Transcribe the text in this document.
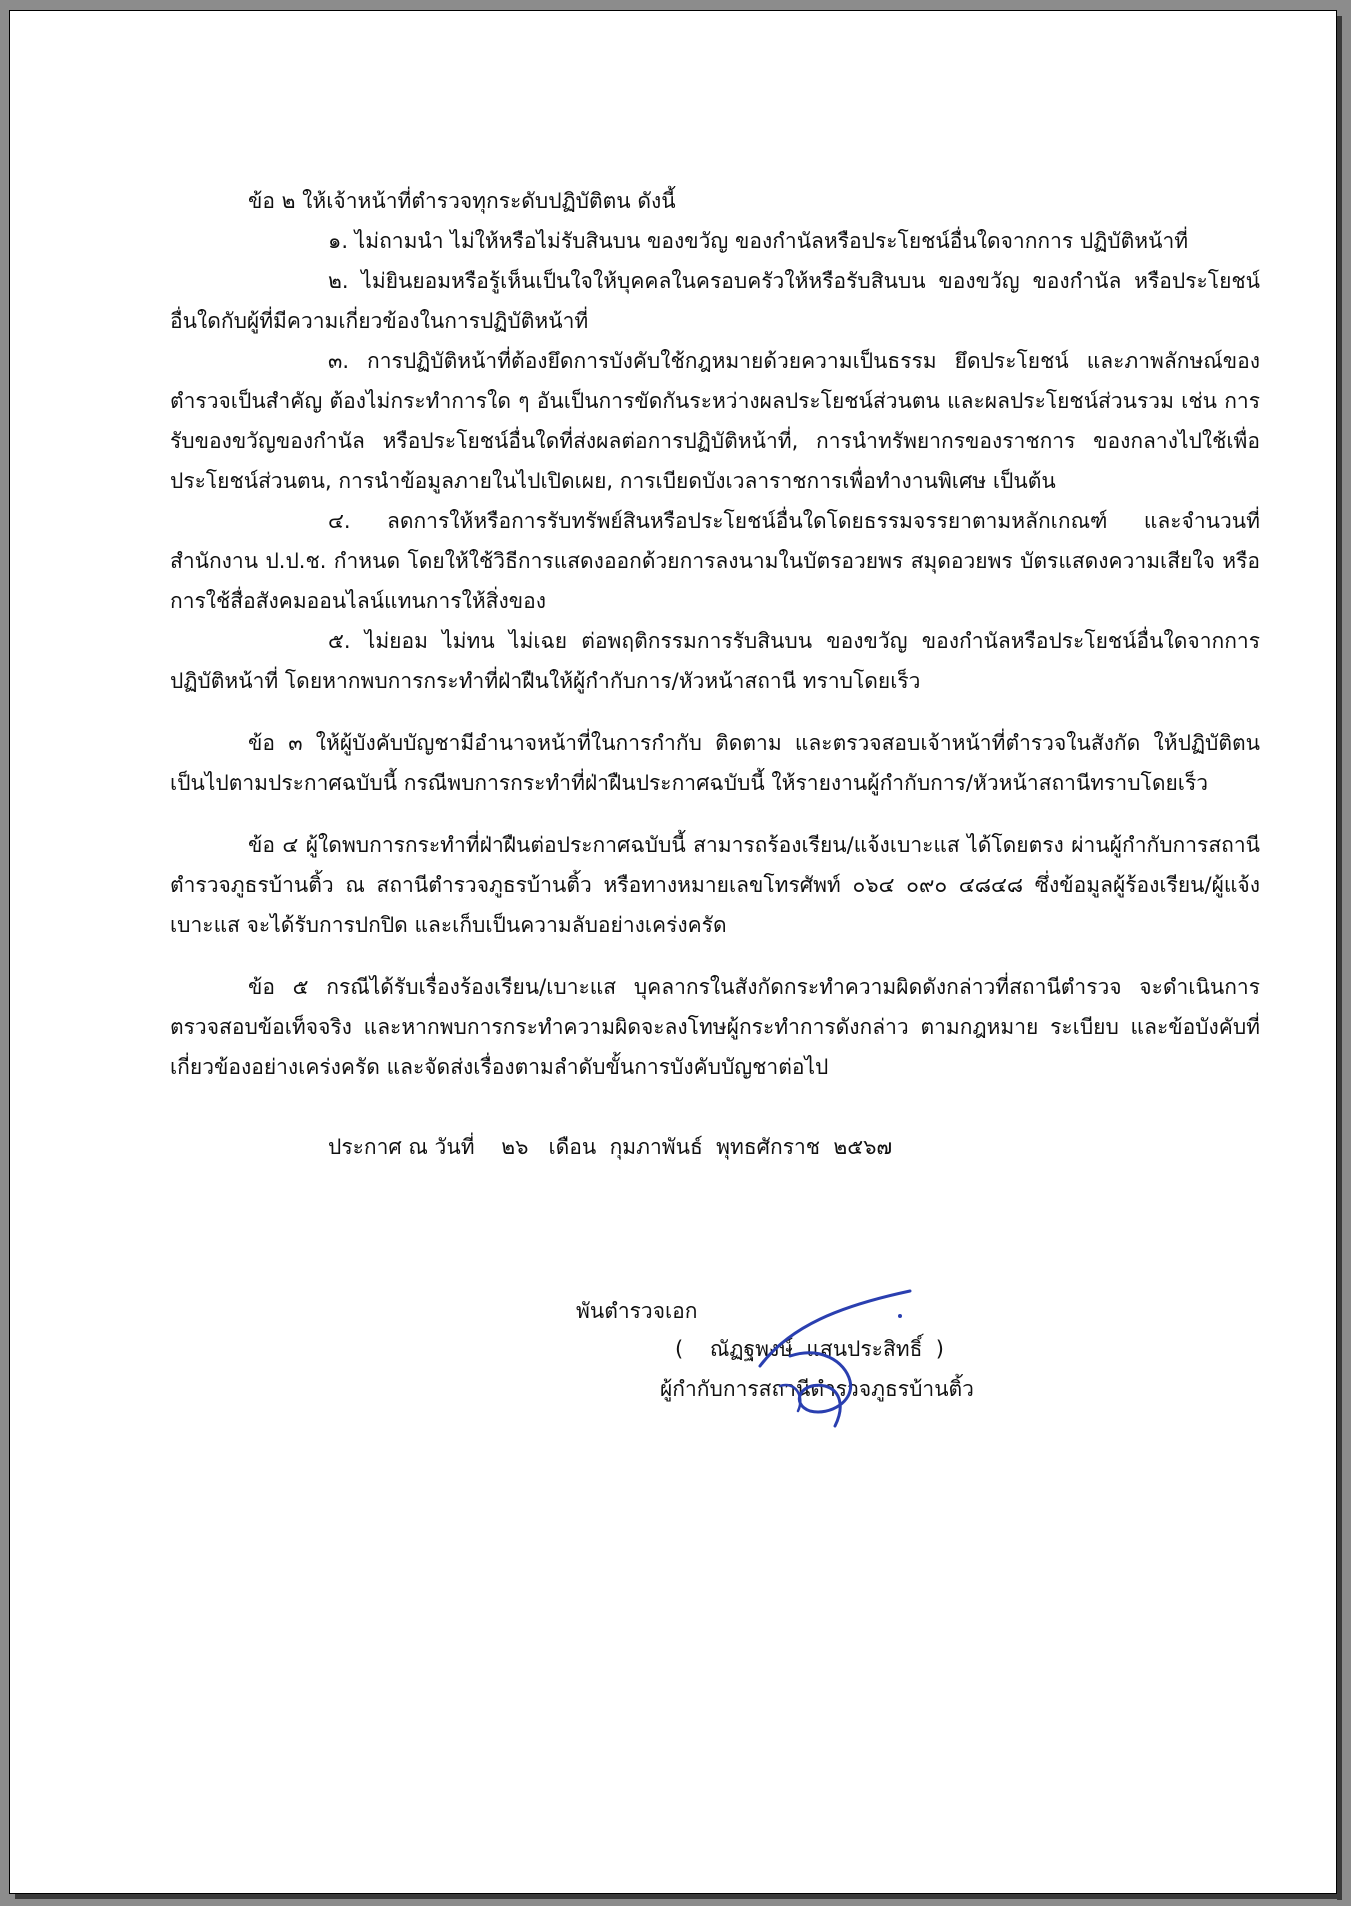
ข้อ ๒ ให้เจ้าหน้าที่ตำรวจทุกระดับปฏิบัติตน ดังนี้

๑. ไม่ถามนำ ไม่ให้หรือไม่รับสินบน ของขวัญ ของกำนัลหรือประโยชน์อื่นใดจากการ ปฏิบัติหน้าที่

๒. ไม่ยินยอมหรือรู้เห็นเป็นใจให้บุคคลในครอบครัวให้หรือรับสินบน ของขวัญ ของกำนัล หรือประโยชน์อื่นใดกับผู้ที่มีความเกี่ยวข้องในการปฏิบัติหน้าที่

๓. การปฏิบัติหน้าที่ต้องยึดการบังคับใช้กฎหมายด้วยความเป็นธรรม ยึดประโยชน์ และภาพลักษณ์ของตำรวจเป็นสำคัญ ต้องไม่กระทำการใด ๆ อันเป็นการขัดกันระหว่างผลประโยชน์ส่วนตน และผลประโยชน์ส่วนรวม เช่น การรับของขวัญของกำนัล หรือประโยชน์อื่นใดที่ส่งผลต่อการปฏิบัติหน้าที่, การนำทรัพยากรของราชการ ของกลางไปใช้เพื่อประโยชน์ส่วนตน, การนำข้อมูลภายในไปเปิดเผย, การเบียดบังเวลาราชการเพื่อทำงานพิเศษ เป็นต้น

๔. ลดการให้หรือการรับทรัพย์สินหรือประโยชน์อื่นใดโดยธรรมจรรยาตามหลักเกณฑ์ และจำนวนที่สำนักงาน ป.ป.ช. กำหนด โดยให้ใช้วิธีการแสดงออกด้วยการลงนามในบัตรอวยพร สมุดอวยพร บัตรแสดงความเสียใจ หรือการใช้สื่อสังคมออนไลน์แทนการให้สิ่งของ

๕. ไม่ยอม ไม่ทน ไม่เฉย ต่อพฤติกรรมการรับสินบน ของขวัญ ของกำนัลหรือประโยชน์อื่นใดจากการปฏิบัติหน้าที่ โดยหากพบการกระทำที่ฝ่าฝืนให้ผู้กำกับการ/หัวหน้าสถานี ทราบโดยเร็ว

ข้อ ๓ ให้ผู้บังคับบัญชามีอำนาจหน้าที่ในการกำกับ ติดตาม และตรวจสอบเจ้าหน้าที่ตำรวจในสังกัด ให้ปฏิบัติตนเป็นไปตามประกาศฉบับนี้ กรณีพบการกระทำที่ฝ่าฝืนประกาศฉบับนี้ ให้รายงานผู้กำกับการ/หัวหน้าสถานีทราบโดยเร็ว

ข้อ ๔ ผู้ใดพบการกระทำที่ฝ่าฝืนต่อประกาศฉบับนี้ สามารถร้องเรียน/แจ้งเบาะแส ได้โดยตรง ผ่านผู้กำกับการสถานีตำรวจภูธรบ้านติ้ว ณ สถานีตำรวจภูธรบ้านติ้ว หรือทางหมายเลขโทรศัพท์ ๐๖๔ ๐๙๐ ๔๘๔๘ ซึ่งข้อมูลผู้ร้องเรียน/ผู้แจ้งเบาะแส จะได้รับการปกปิด และเก็บเป็นความลับอย่างเคร่งครัด

ข้อ ๕ กรณีได้รับเรื่องร้องเรียน/เบาะแส บุคลากรในสังกัดกระทำความผิดดังกล่าวที่สถานีตำรวจ จะดำเนินการตรวจสอบข้อเท็จจริง และหากพบการกระทำความผิดจะลงโทษผู้กระทำการดังกล่าว ตามกฎหมาย ระเบียบ และข้อบังคับที่เกี่ยวข้องอย่างเคร่งครัด และจัดส่งเรื่องตามลำดับขั้นการบังคับบัญชาต่อไป

ประกาศ ณ วันที่    ๒๖   เดือน  กุมภาพันธ์  พุทธศักราช  ๒๕๖๗
พันตำรวจเอก
(    ณัฏฐพงษ์  แสนประสิทธิ์  )
ผู้กำกับการสถานีตำรวจภูธรบ้านติ้ว
